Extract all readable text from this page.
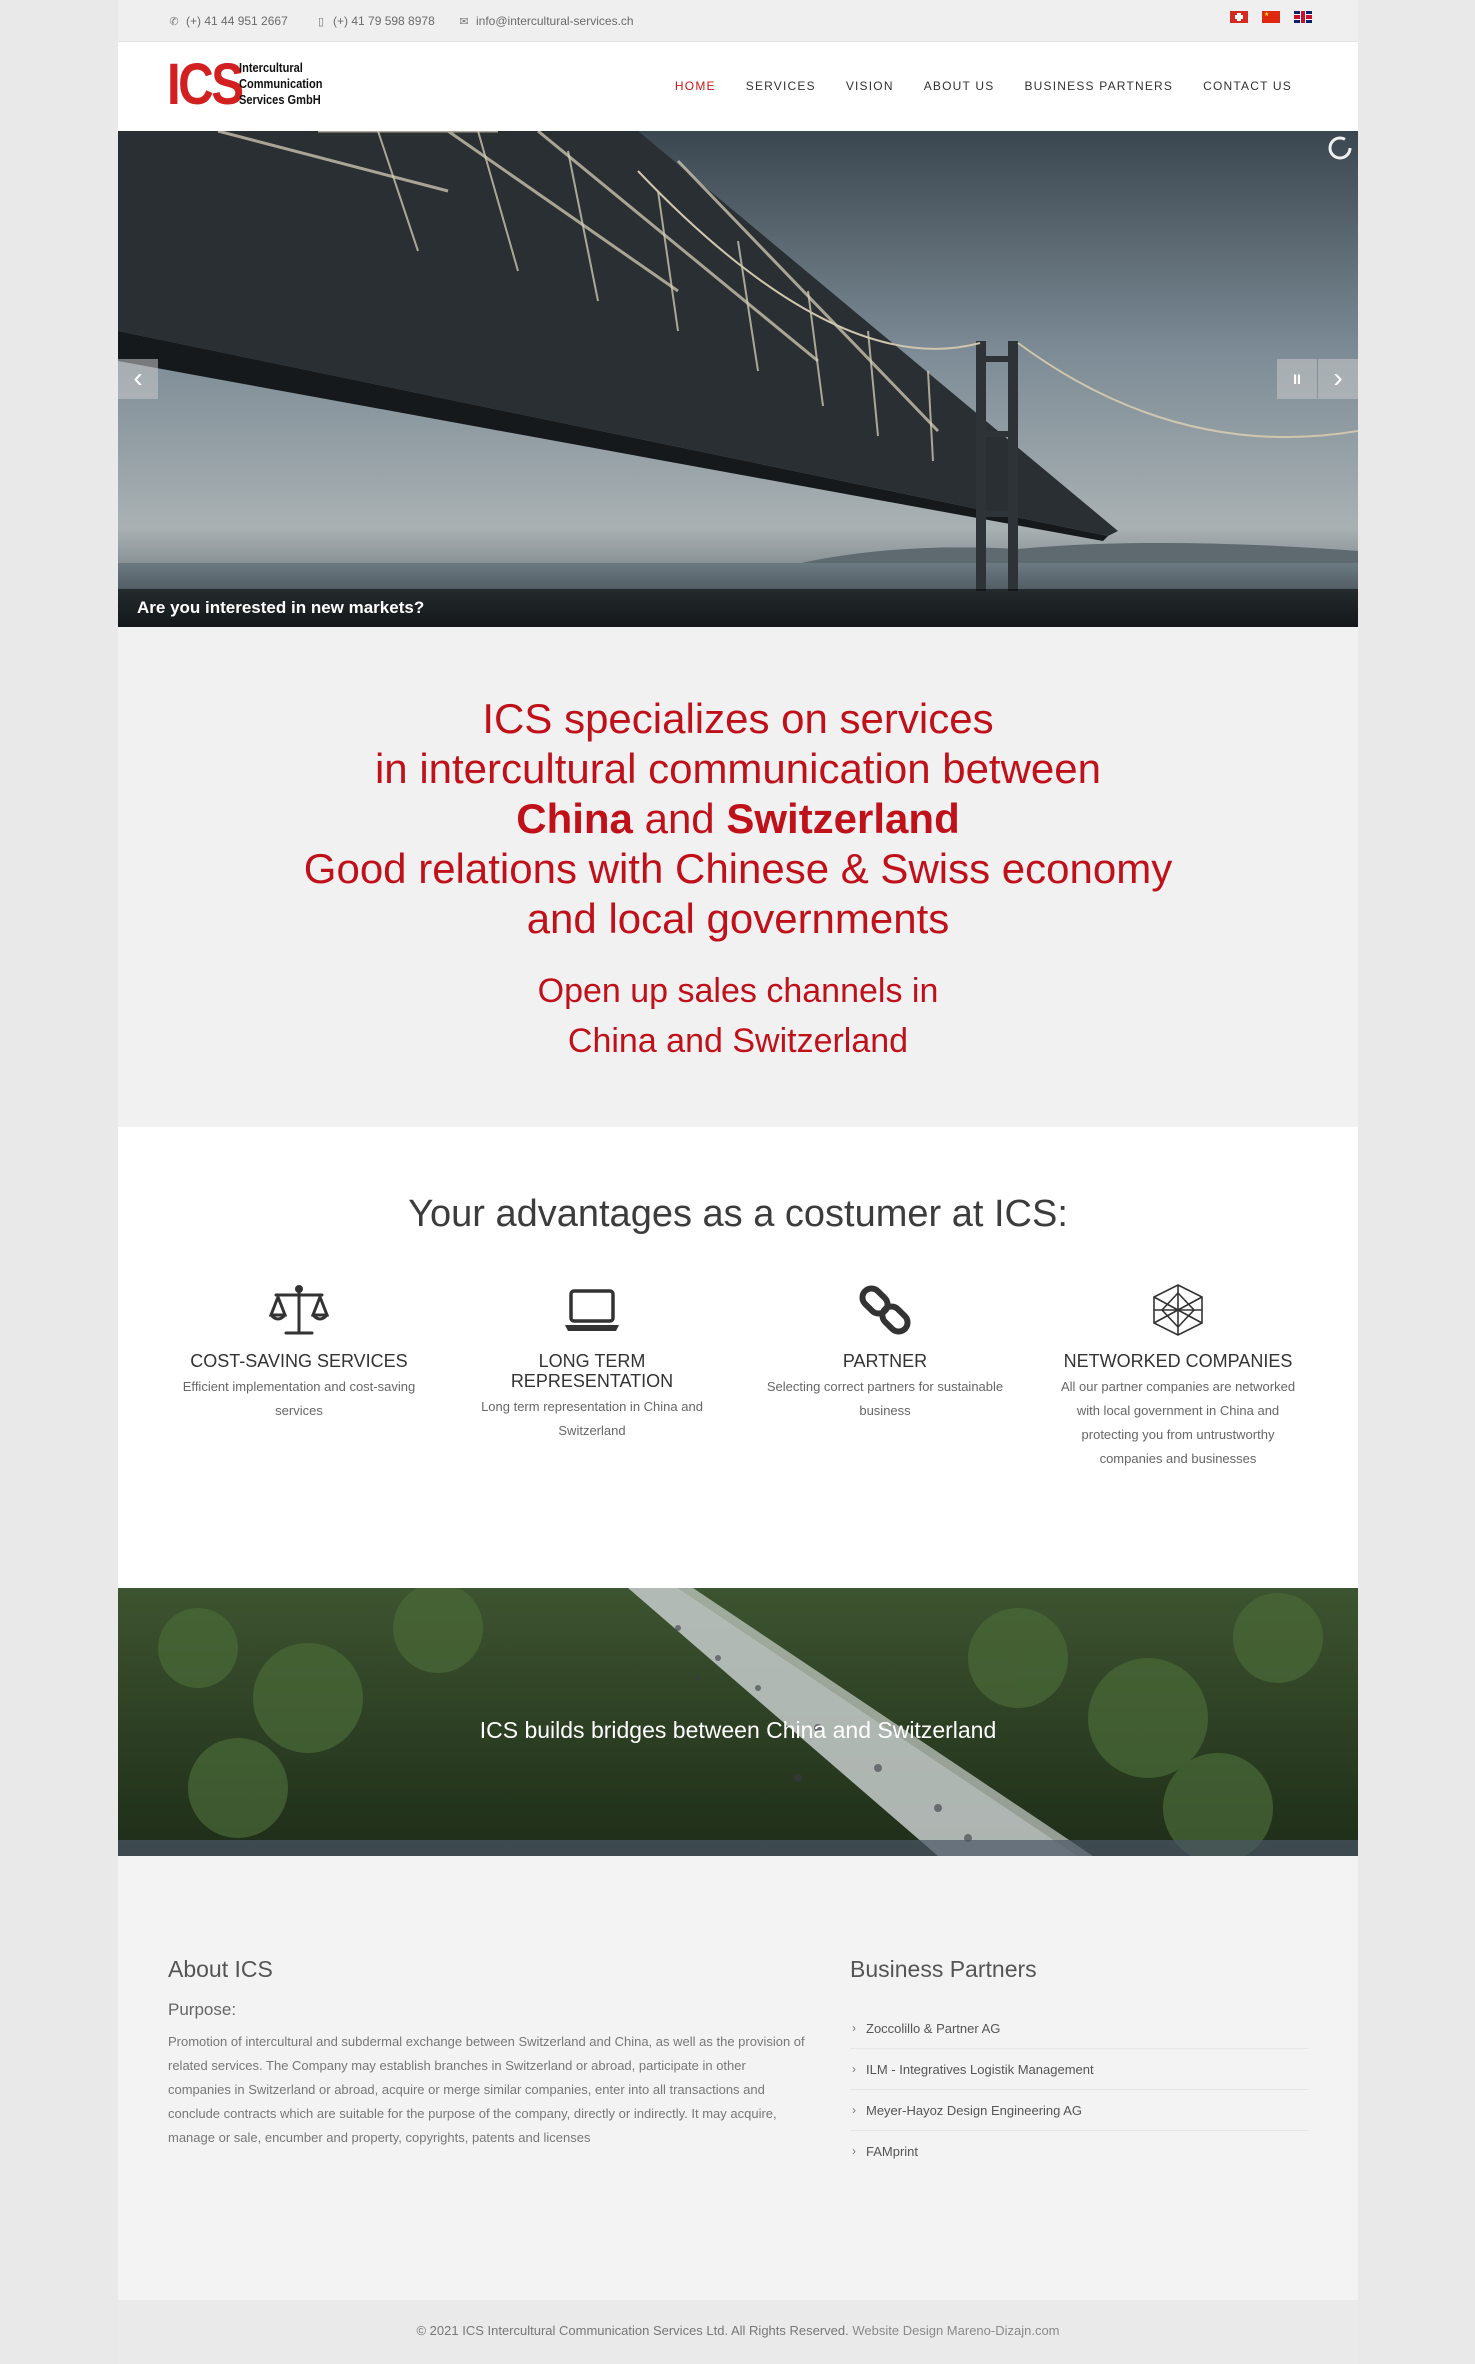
✆ (+) 41 44 951 2667	▯ (+) 41 79 598 8978 ✉ info@intercultural-services.ch	★
ICS
Intercultural
Communication
Services GmbH
HOME	SERVICES	VISION	ABOUT US	BUSINESS PARTNERS	CONTACT US
‹	II	›
Are you interested in new markets?
ICS specializes on services
in intercultural communication between
China and Switzerland
Good relations with Chinese & Swiss economy
and local governments
Open up sales channels in
China and Switzerland
Your advantages as a costumer at ICS:
COST-SAVING SERVICES
Efficient implementation and cost-saving services
LONG TERM REPRESENTATION
Long term representation in China and Switzerland
PARTNER
Selecting correct partners for sustainable business
NETWORKED COMPANIES
All our partner companies are networked with local government in China and protecting you from untrustworthy companies and businesses
ICS builds bridges between China and Switzerland
About ICS
Purpose:
Promotion of intercultural and subdermal exchange between Switzerland and China, as well as the provision of related services. The Company may establish branches in Switzerland or abroad, participate in other companies in Switzerland or abroad, acquire or merge similar companies, enter into all transactions and conclude contracts which are suitable for the purpose of the company, directly or indirectly. It may acquire, manage or sale, encumber and property, copyrights, patents and licenses
Business Partners
› Zoccolillo & Partner AG
› ILM - Integratives Logistik Management
› Meyer-Hayoz Design Engineering AG
› FAMprint
© 2021 ICS Intercultural Communication Services Ltd. All Rights Reserved. Website Design Mareno-Dizajn.com
